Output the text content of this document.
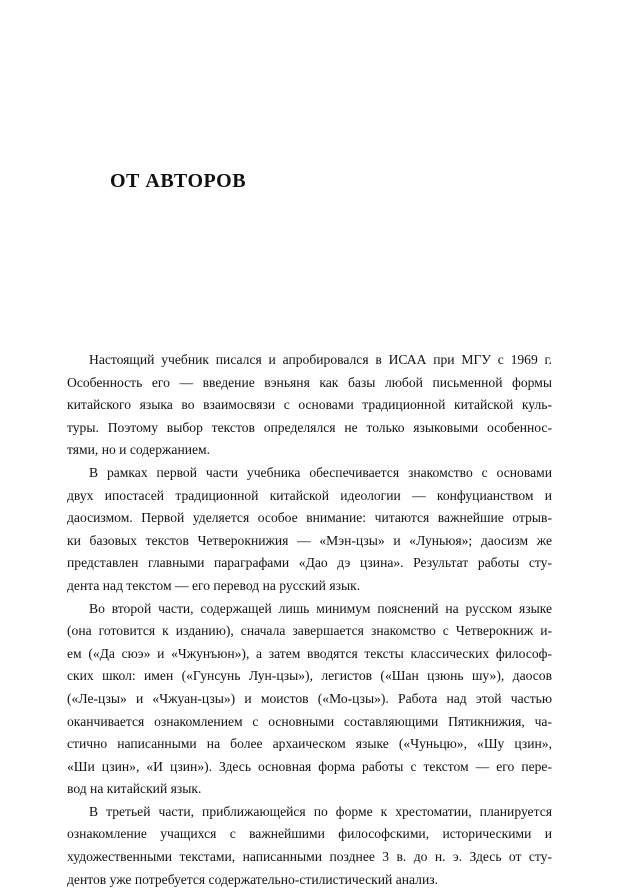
ОТ АВТОРОВ
Настоящий учебник писался и апробировался в ИСАА при МГУ с 1969 г.
Особенность его — введение вэньяня как базы любой письменной формы
китайского языка во взаимосвязи с основами традиционной китайской куль-
туры. Поэтому выбор текстов определялся не только языковыми особеннос-
тями, но и содержанием.
В рамках первой части учебника обеспечивается знакомство с основами
двух ипостасей традиционной китайской идеологии — конфуцианством и
даосизмом. Первой уделяется особое внимание: читаются важнейшие отрыв-
ки базовых текстов Четверокнижия — «Мэн-цзы» и «Луньюя»; даосизм же
представлен главными параграфами «Дао дэ цзина». Результат работы сту-
дента над текстом — его перевод на русский язык.
Во второй части, содержащей лишь минимум пояснений на русском языке
(она готовится к изданию), сначала завершается знакомство с Четверокниж и-
ем («Да сюэ» и «Чжунъюн»), а затем вводятся тексты классических философ-
ских школ: имен («Гунсунь Лун-цзы»), легистов («Шан цзюнь шу»), даосов
(«Ле-цзы» и «Чжуан-цзы») и моистов («Мо-цзы»). Работа над этой частью
оканчивается ознакомлением с основными составляющими Пятикнижия, ча-
стично написанными на более архаическом языке («Чуньцю», «Шу цзин»,
«Ши цзин», «И цзин»). Здесь основная форма работы с текстом — его пере-
вод на китайский язык.
В третьей части, приближающейся по форме к хрестоматии, планируется
ознакомление учащихся с важнейшими философскими, историческими и
художественными текстами, написанными позднее 3 в. до н. э. Здесь от сту-
дентов уже потребуется содержательно-стилистический анализ.
